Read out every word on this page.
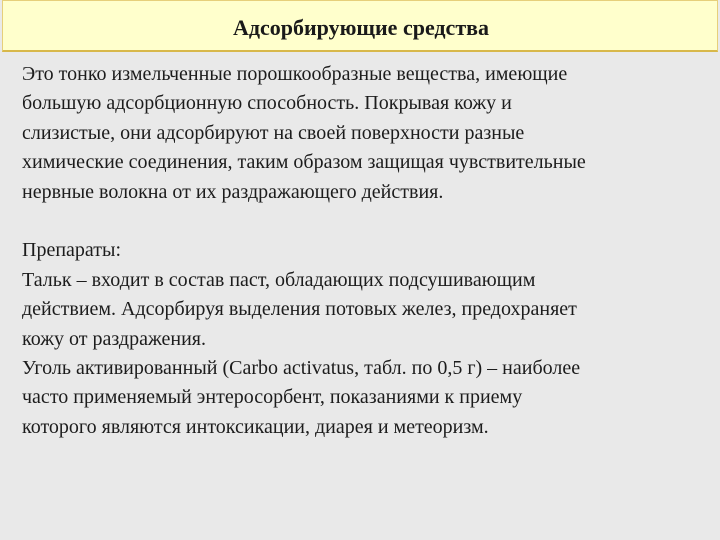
Адсорбирующие средства
Это тонко измельченные порошкообразные вещества, имеющие
большую адсорбционную способность. Покрывая кожу и
слизистые, они адсорбируют на своей поверхности разные
химические соединения, таким образом защищая чувствительные
нервные волокна от их раздражающего действия.
Препараты:
Тальк – входит в состав паст, обладающих подсушивающим
действием. Адсорбируя выделения потовых желез, предохраняет
кожу от раздражения.
Уголь активированный (Carbo activatus, табл. по 0,5 г) – наиболее
часто применяемый энтеросорбент, показаниями к приему
которого являются интоксикации, диарея и метеоризм.
